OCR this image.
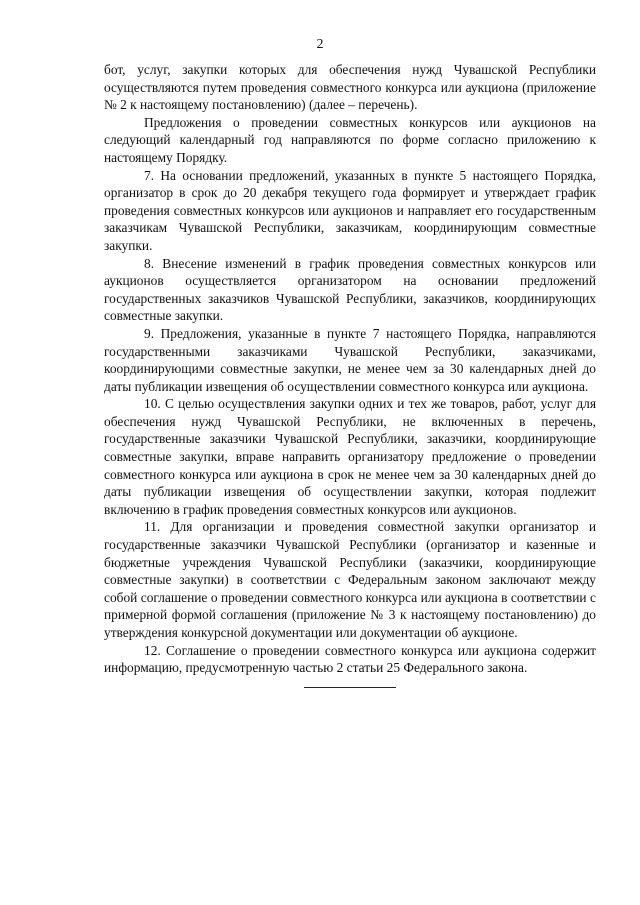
2

бот, услуг, закупки которых для обеспечения нужд Чувашской Республики осуществляются путем проведения совместного конкурса или аукциона (приложение № 2 к настоящему постановлению) (далее – перечень).

Предложения о проведении совместных конкурсов или аукционов на следующий календарный год направляются по форме согласно приложению к настоящему Порядку.

7. На основании предложений, указанных в пункте 5 настоящего Порядка, организатор в срок до 20 декабря текущего года формирует и утверждает график проведения совместных конкурсов или аукционов и направляет его государственным заказчикам Чувашской Республики, заказчикам, координирующим совместные закупки.

8. Внесение изменений в график проведения совместных конкурсов или аукционов осуществляется организатором на основании предложений государственных заказчиков Чувашской Республики, заказчиков, координирующих совместные закупки.

9. Предложения, указанные в пункте 7 настоящего Порядка, направляются государственными заказчиками Чувашской Республики, заказчиками, координирующими совместные закупки, не менее чем за 30 календарных дней до даты публикации извещения об осуществлении совместного конкурса или аукциона.

10. С целью осуществления закупки одних и тех же товаров, работ, услуг для обеспечения нужд Чувашской Республики, не включенных в перечень, государственные заказчики Чувашской Республики, заказчики, координирующие совместные закупки, вправе направить организатору предложение о проведении совместного конкурса или аукциона в срок не менее чем за 30 календарных дней до даты публикации извещения об осуществлении закупки, которая подлежит включению в график проведения совместных конкурсов или аукционов.

11. Для организации и проведения совместной закупки организатор и государственные заказчики Чувашской Республики (организатор и казенные и бюджетные учреждения Чувашской Республики (заказчики, координирующие совместные закупки) в соответствии с Федеральным законом заключают между собой соглашение о проведении совместного конкурса или аукциона в соответствии с примерной формой соглашения (приложение № 3 к настоящему постановлению) до утверждения конкурсной документации или документации об аукционе.

12. Соглашение о проведении совместного конкурса или аукциона содержит информацию, предусмотренную частью 2 статьи 25 Федерального закона.
